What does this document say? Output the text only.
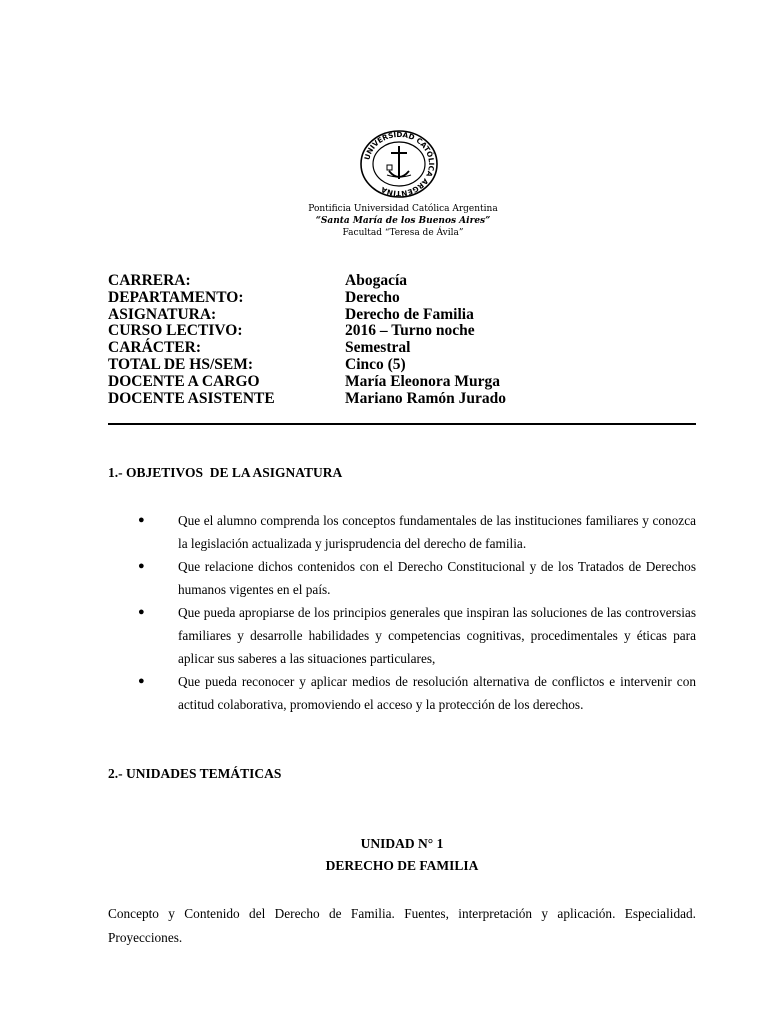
UNIVERSIDAD CATÓLICA ARGENTINA
Pontificia Universidad Católica Argentina
“Santa María de los Buenos Aires”
Facultad “Teresa de Ávila”
CARRERA:	Abogacía
DEPARTAMENTO:	Derecho
ASIGNATURA:	Derecho de Familia
CURSO LECTIVO:	2016 – Turno noche
CARÁCTER:	Semestral
TOTAL DE HS/SEM:	Cinco (5)
DOCENTE A CARGO	María Eleonora Murga
DOCENTE ASISTENTE	Mariano Ramón Jurado
1.- OBJETIVOS  DE LA ASIGNATURA
●	Que el alumno comprenda los conceptos fundamentales de las instituciones familiares y conozca la legislación actualizada y jurisprudencia del derecho de familia.
●	Que relacione dichos contenidos con el Derecho Constitucional y de los Tratados de Derechos humanos vigentes en el país.
●	Que pueda apropiarse de los principios generales que inspiran las soluciones de las controversias familiares y desarrolle habilidades y competencias cognitivas, procedimentales y éticas para aplicar sus saberes a las situaciones particulares,
●	Que pueda reconocer y aplicar medios de resolución alternativa de conflictos e intervenir con actitud colaborativa, promoviendo el acceso y la protección de los derechos.
2.- UNIDADES TEMÁTICAS
UNIDAD N° 1
DERECHO DE FAMILIA
Concepto y Contenido del Derecho de Familia. Fuentes, interpretación y aplicación. Especialidad. Proyecciones.
